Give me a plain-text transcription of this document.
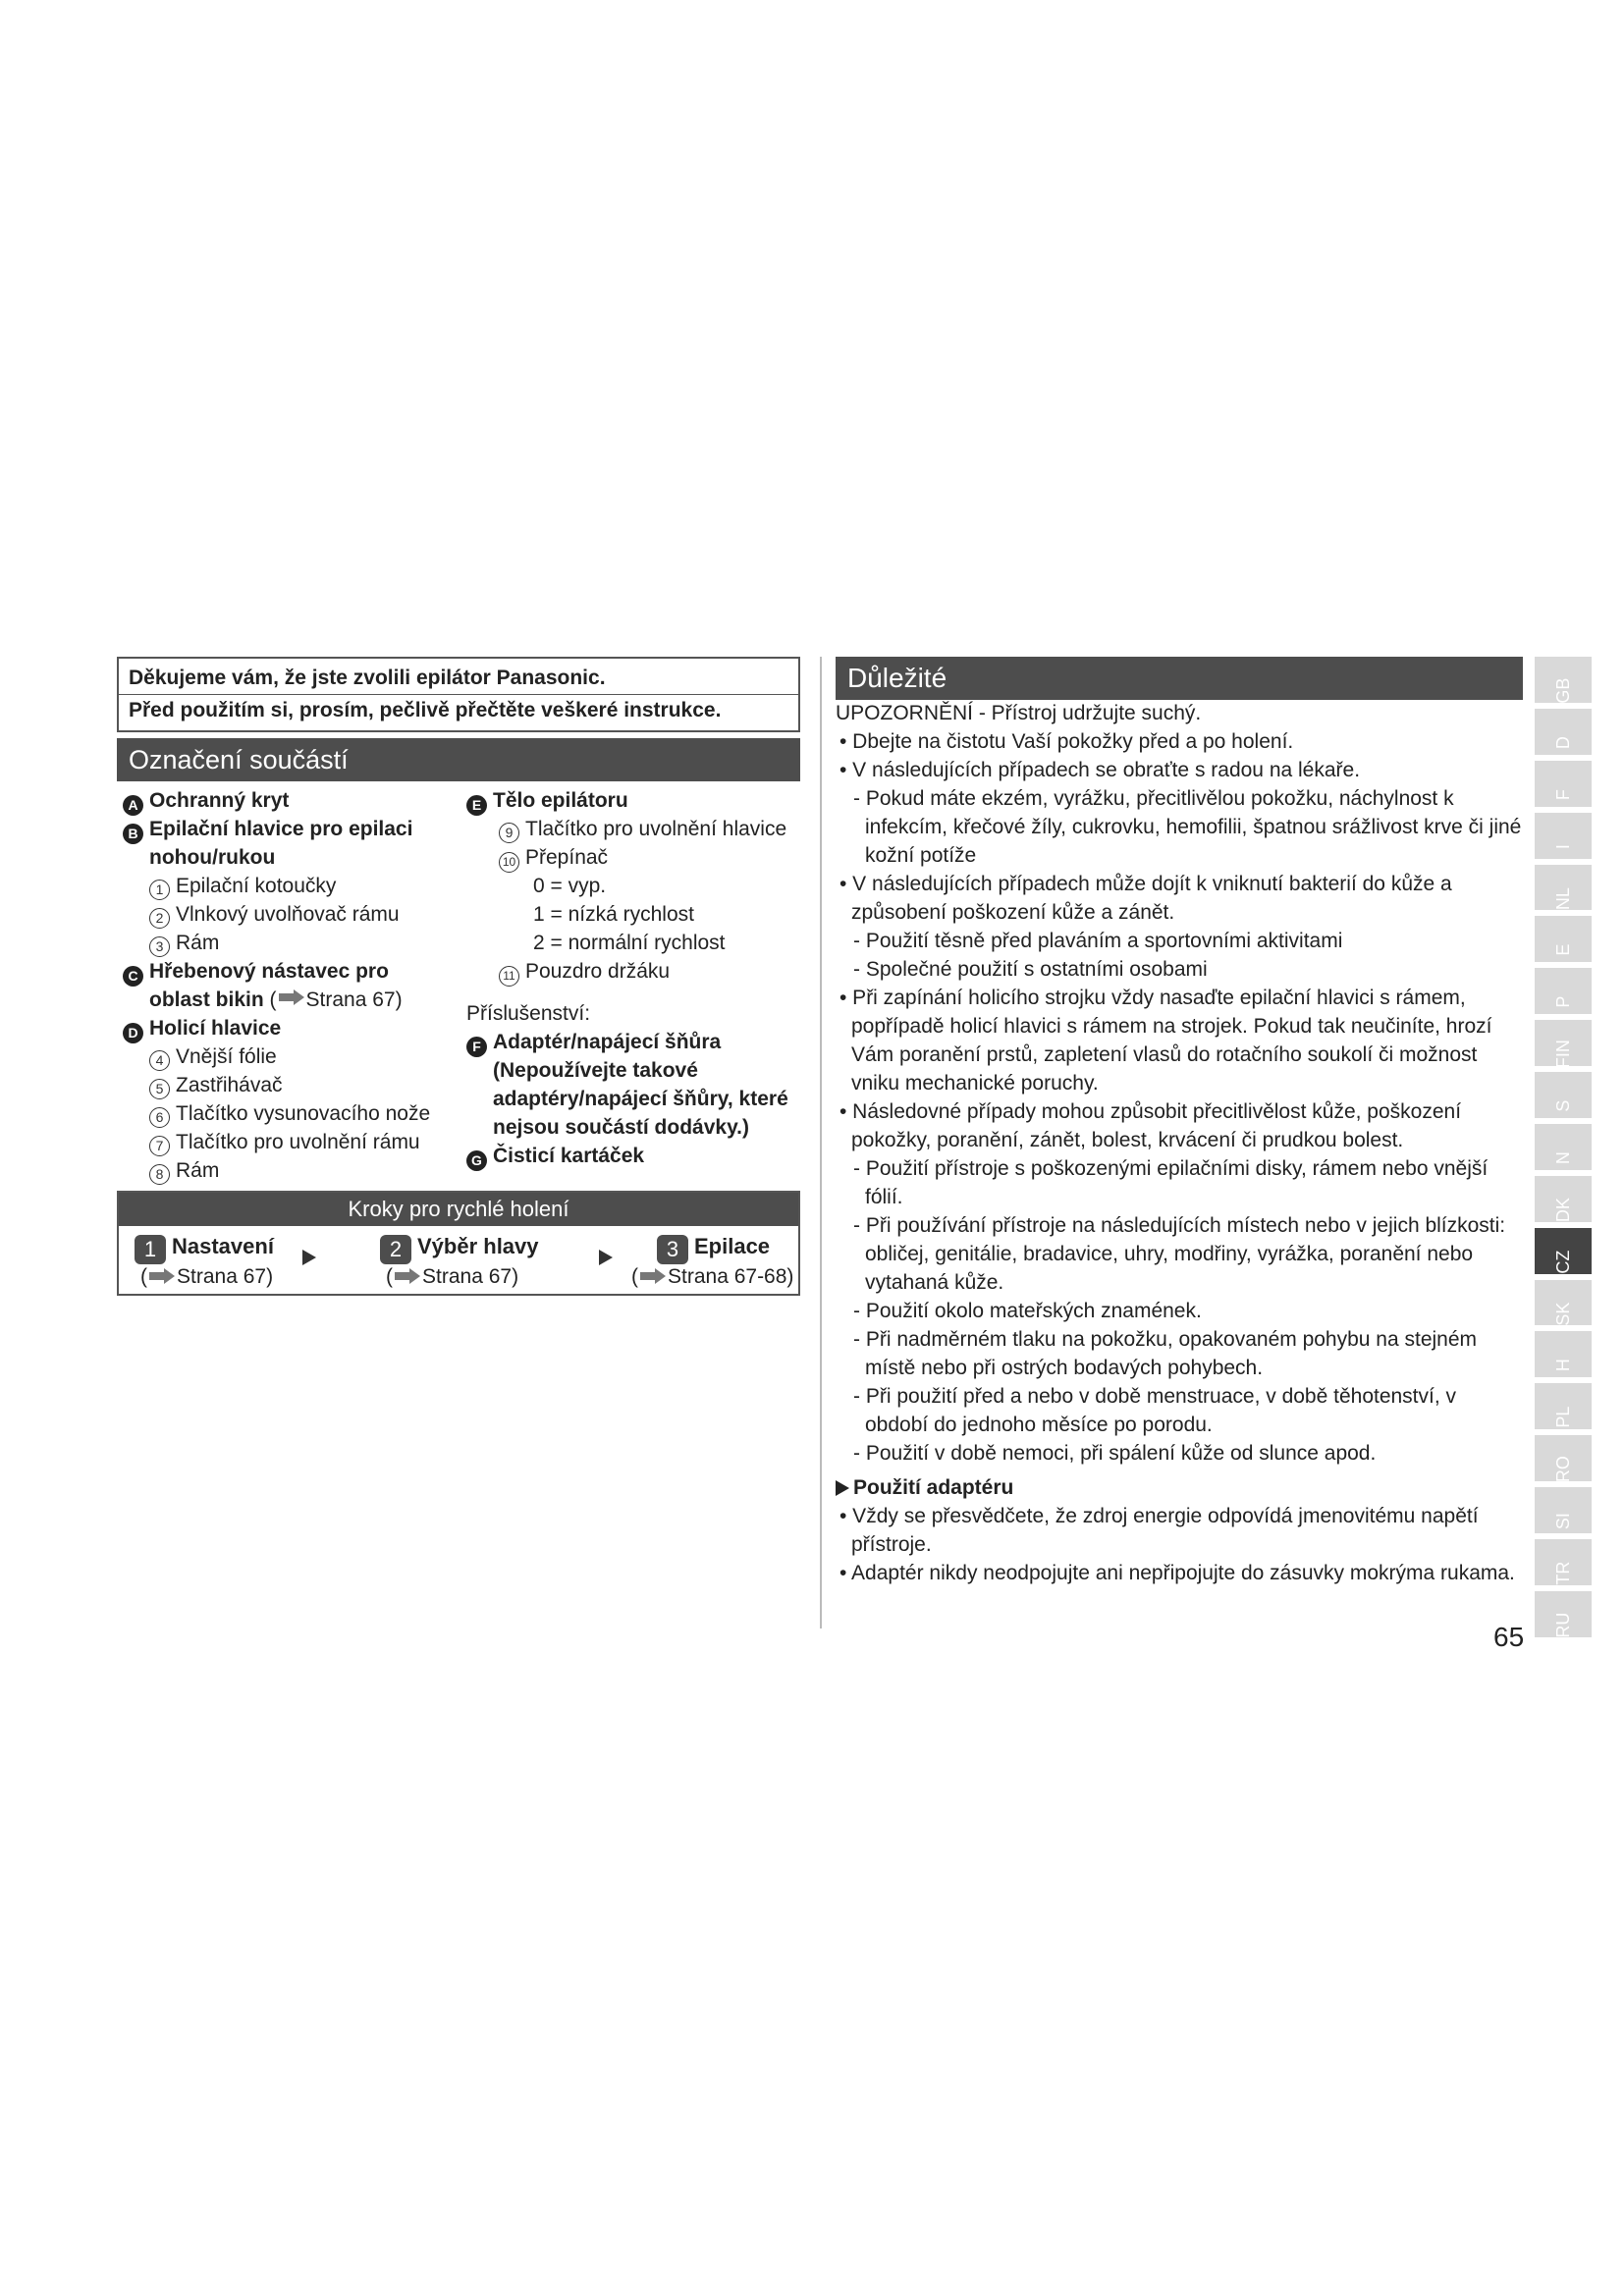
Děkujeme vám, že jste zvolili epilátor Panasonic.
Před použitím si, prosím, pečlivě přečtěte veškeré instrukce.
Označení součástí
A Ochranný kryt
B Epilační hlavice pro epilaci
nohou/rukou
1 Epilační kotoučky
2 Vlnkový uvolňovač rámu
3 Rám
C Hřebenový nástavec pro
oblast bikin
( Strana 67)
D Holicí hlavice
4 Vnější fólie
5 Zastřihávač
6 Tlačítko vysunovacího nože
7 Tlačítko pro uvolnění rámu
8 Rám
E Tělo epilátoru
9 Tlačítko pro uvolnění hlavice
10 Přepínač
0 = vyp.
1 = nízká rychlost
2 = normální rychlost
11 Pouzdro držáku
Příslušenství:
F Adaptér/napájecí šňůra
(Nepoužívejte takové
adaptéry/napájecí šňůry, které
nejsou součástí dodávky.)
G Čisticí kartáček
Kroky pro rychlé holení
1 Nastavení
( Strana 67)
2 Výběr hlavy
( Strana 67)
3 Epilace
( Strana 67-68)
Důležité

UPOZORNĚNÍ - Přístroj udržujte suchý.

• Dbejte na čistotu Vaší pokožky před a po holení.

• V následujících případech se obraťte s radou na lékaře.

- Pokud máte ekzém, vyrážku, přecitlivělou pokožku, náchylnost k infekcím, křečové žíly, cukrovku, hemofilii, špatnou srážlivost krve či jiné kožní potíže

• V následujících případech může dojít k vniknutí bakterií do kůže a způsobení poškození kůže a zánět.

- Použití těsně před plaváním a sportovními aktivitami

- Společné použití s ostatními osobami

• Při zapínání holicího strojku vždy nasaďte epilační hlavici s rámem, popřípadě holicí hlavici s rámem na strojek. Pokud tak neučiníte, hrozí Vám poranění prstů, zapletení vlasů do rotačního soukolí či možnost vniku mechanické poruchy.

• Následovné případy mohou způsobit přecitlivělost kůže, poškození pokožky, poranění, zánět, bolest, krvácení či prudkou bolest.

- Použití přístroje s poškozenými epilačními disky, rámem nebo vnější fólií.

- Při používání přístroje na následujících místech nebo v jejich blízkosti: obličej, genitálie, bradavice, uhry, modřiny, vyrážka, poranění nebo vytahaná kůže.

- Použití okolo mateřských znamének.

- Při nadměrném tlaku na pokožku, opakovaném pohybu na stejném místě nebo při ostrých bodavých pohybech.

- Při použití před a nebo v době menstruace, v době těhotenství, v období do jednoho měsíce po porodu.

- Použití v době nemoci, při spálení kůže od slunce apod.

Použití adaptéru

• Vždy se přesvědčete, že zdroj energie odpovídá jmenovitému napětí přístroje.

• Adaptér nikdy neodpojujte ani nepřipojujte do zásuvky mokrýma rukama.

65
GB
D
F
I
NL
E
P
FIN
S
N
DK
CZ
SK
H
PL
RO
SI
TR
RU
